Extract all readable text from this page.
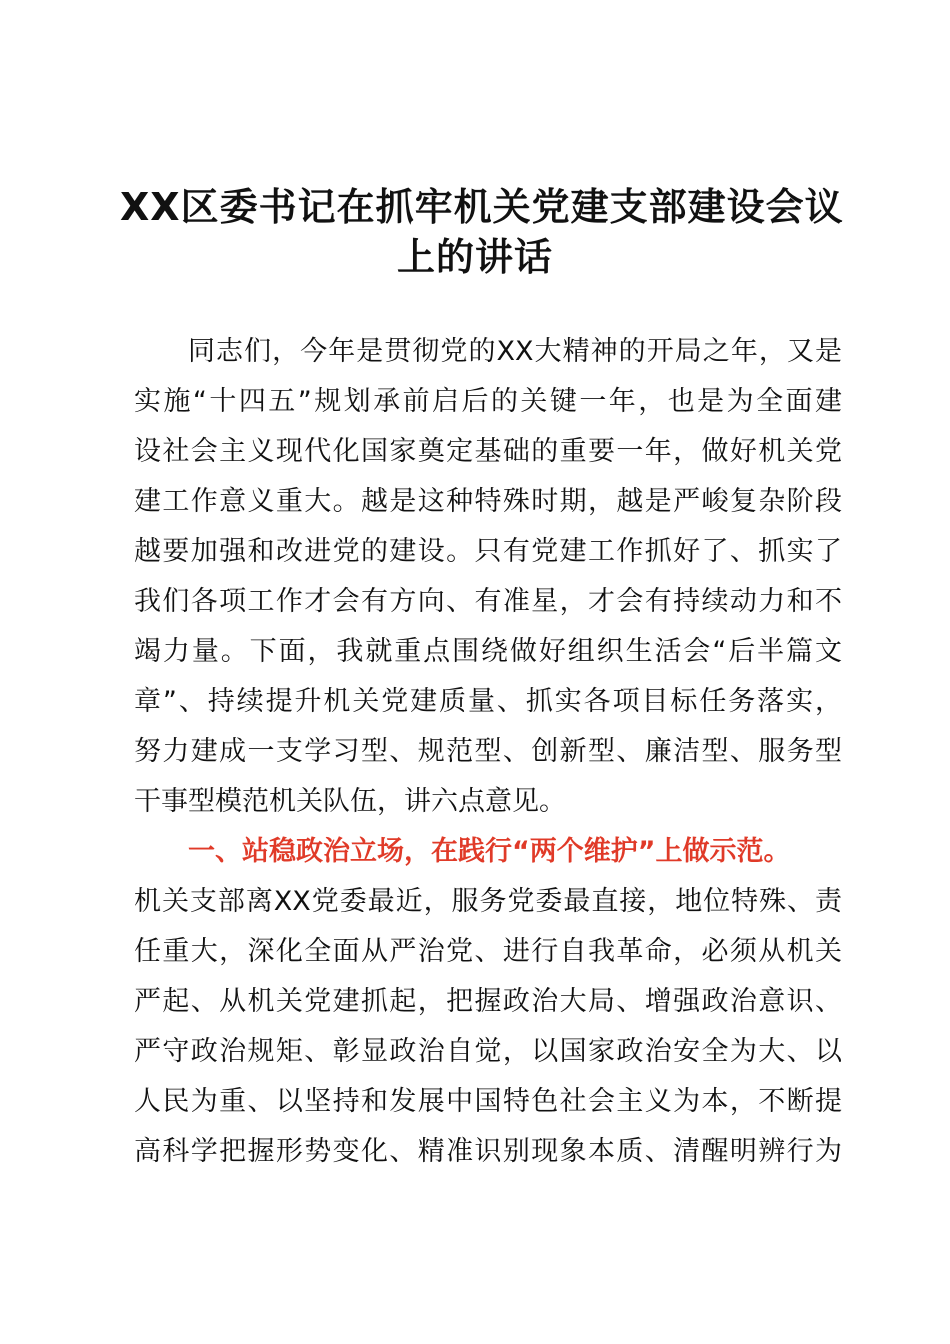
XX区委书记在抓牢机关党建支部建设会议
上的讲话

同志们，今年是贯彻党的XX大精神的开局之年，又是

实施“十四五”规划承前启后的关键一年，也是为全面建

设社会主义现代化国家奠定基础的重要一年，做好机关党

建工作意义重大。越是这种特殊时期，越是严峻复杂阶段

越要加强和改进党的建设。只有党建工作抓好了、抓实了

我们各项工作才会有方向、有准星，才会有持续动力和不

竭力量。下面，我就重点围绕做好组织生活会“后半篇文

章”、持续提升机关党建质量、抓实各项目标任务落实，

努力建成一支学习型、规范型、创新型、廉洁型、服务型

干事型模范机关队伍，讲六点意见。

一、站稳政治立场，在践行“两个维护”上做示范。

机关支部离XX党委最近，服务党委最直接，地位特殊、责

任重大，深化全面从严治党、进行自我革命，必须从机关

严起、从机关党建抓起，把握政治大局、增强政治意识、

严守政治规矩、彰显政治自觉，以国家政治安全为大、以

人民为重、以坚持和发展中国特色社会主义为本，不断提

高科学把握形势变化、精准识别现象本质、清醒明辨行为
